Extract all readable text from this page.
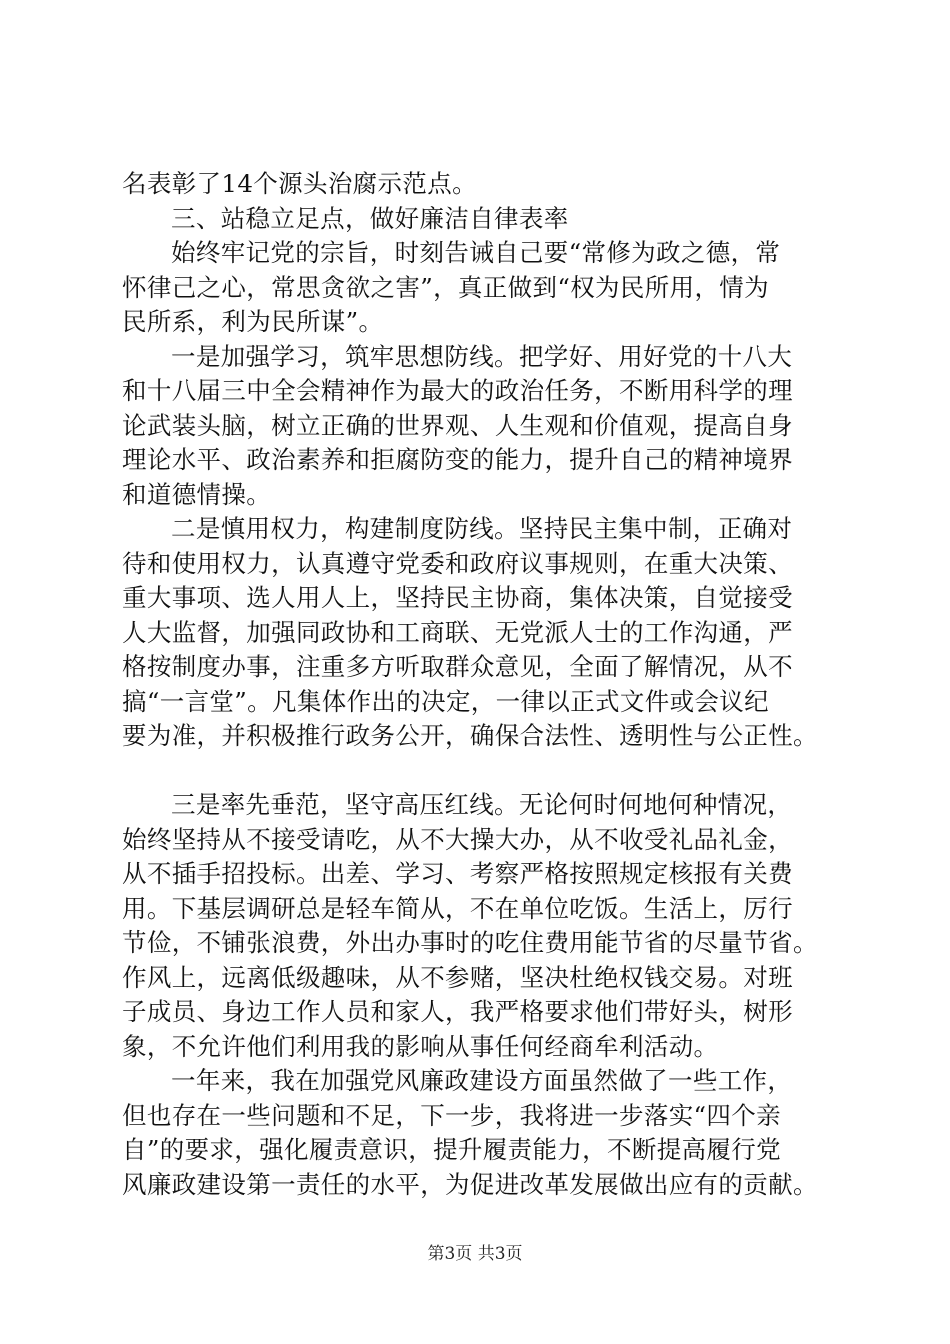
名表彰了14个源头治腐示范点。
三、站稳立足点，做好廉洁自律表率
始终牢记党的宗旨，时刻告诫自己要“常修为政之德，常
怀律己之心，常思贪欲之害”，真正做到“权为民所用，情为
民所系，利为民所谋”。
一是加强学习，筑牢思想防线。把学好、用好党的十八大
和十八届三中全会精神作为最大的政治任务，不断用科学的理
论武装头脑，树立正确的世界观、人生观和价值观，提高自身
理论水平、政治素养和拒腐防变的能力，提升自己的精神境界
和道德情操。
二是慎用权力，构建制度防线。坚持民主集中制，正确对
待和使用权力，认真遵守党委和政府议事规则，在重大决策、
重大事项、选人用人上，坚持民主协商，集体决策，自觉接受
人大监督，加强同政协和工商联、无党派人士的工作沟通，严
格按制度办事，注重多方听取群众意见，全面了解情况，从不
搞“一言堂”。凡集体作出的决定，一律以正式文件或会议纪
要为准，并积极推行政务公开，确保合法性、透明性与公正性。
三是率先垂范，坚守高压红线。无论何时何地何种情况，
始终坚持从不接受请吃，从不大操大办，从不收受礼品礼金，
从不插手招投标。出差、学习、考察严格按照规定核报有关费
用。下基层调研总是轻车简从，不在单位吃饭。生活上，厉行
节俭，不铺张浪费，外出办事时的吃住费用能节省的尽量节省。
作风上，远离低级趣味，从不参赌，坚决杜绝权钱交易。对班
子成员、身边工作人员和家人，我严格要求他们带好头，树形
象，不允许他们利用我的影响从事任何经商牟利活动。
一年来，我在加强党风廉政建设方面虽然做了一些工作，
但也存在一些问题和不足，下一步，我将进一步落实“四个亲
自”的要求，强化履责意识，提升履责能力，不断提高履行党
风廉政建设第一责任的水平，为促进改革发展做出应有的贡献。
第3页 共3页
